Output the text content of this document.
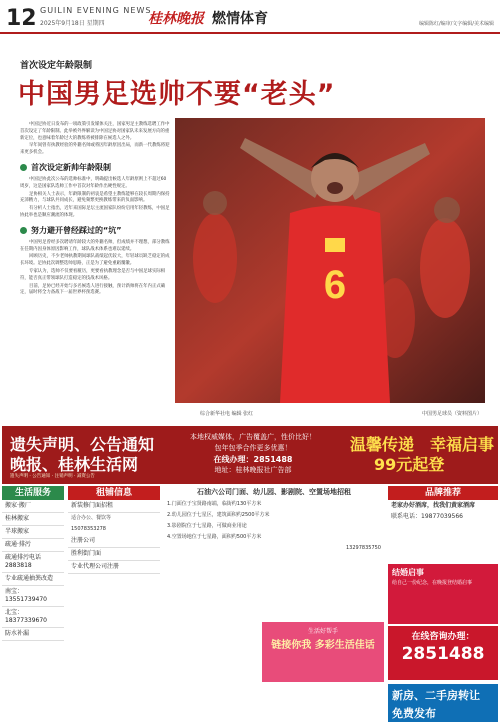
12 GUILIN EVENING NEWS
2025年9月18日 星期四	桂林晚报 燃情体育	编辑陈红/编审/文字编辑/美术编辑
首次设定年龄限制
中国男足选帅不要“老头”

中国足协近日发布的一项政策引发媒体关注，国家男足主教练选聘工作中首次设定了年龄限制。此举被外界解读为中国足协对国家队未来发展方向的重新定位，也意味着年龄过大的教练将被排除在候选人之外。

早年间曾有执教经验的外籍名帅或将因年龄原因出局，而新一代教练将迎来更多机会。

首次设定新帅年龄限制

中国足协此次公布的选帅标准中，明确提出候选人年龄原则上不超过60周岁，这是国家队选帅工作中首次对年龄作出硬性规定。

足协相关人士表示，年龄限制的初衷是希望主教练能够在较长周期内保持充沛精力，与球队共同成长，避免频繁更换教练带来的负面影响。

有分析人士指出，近年来国际足坛主流国家队纷纷启用年轻教练，中国足协此举也是顺应潮流的体现。

努力避开曾经踩过的“坑”

中国男足曾经多次聘请年龄较大的外籍名帅，但成绩并不理想，部分教练在任期内因身体原因影响工作，球队战术体系也难以延续。

回顾历史，不少老帅执教期间球队战绩起伏较大，年轻球员缺乏稳定的成长环境。足协此次调整选帅思路，正是为了避免重蹈覆辙。

专家认为，选帅不仅要看履历，更要看执教理念是否与中国足球实际相符，能否真正带领球队打造稳定的技战术风格。

目前，足协已经开始与多名候选人进行接触，预计新帅将在年内正式确定，届时将全力备战下一届世界杯预选赛。	6
综合新华社电 编辑 张红	中国男足球员（资料图片）
遗失声明、公告通知
晚报、桂林生活网
遗失声明 · 公告通知 · 注销声明 · 减资公告
本地权威媒体，广告覆盖广，性价比好！
包年包季合作更多优惠！
在线办理：2851488
地址：桂林晚报社广告部
温馨传递　幸福启事
99元起登
生活服务
搬家·搬厂
桂林搬家
半球搬家
疏通·排污
疏通排污电话2883818
专业疏通抽粪改造
南宝：13551739470
北宝：18377339670
防水补漏
租铺信息
新装修门面招租
适合办公、餐饮等
15078353278
注册公司
胜利街门面
专业代理公司注册
石油六公司门面、幼儿园、影剧院、空置场地招租
1.门面位于宝贤路南端，临街约130平方米
2.幼儿园位于七星区，建筑面积约2500平方米
3.影剧院位于七星路，可做商业用途
4.空置场地位于七星路，面积约500平方米
13297835750
品牌推荐
老家办好酒席，找我们黄家酒席
联系电话：19877039566
结婚启事
给自己一份纪念，在晚报登结婚启事
生活好帮手
链接你我 多彩生活佳话
在线咨询办理：
2851488
新房、二手房转让
免费发布
